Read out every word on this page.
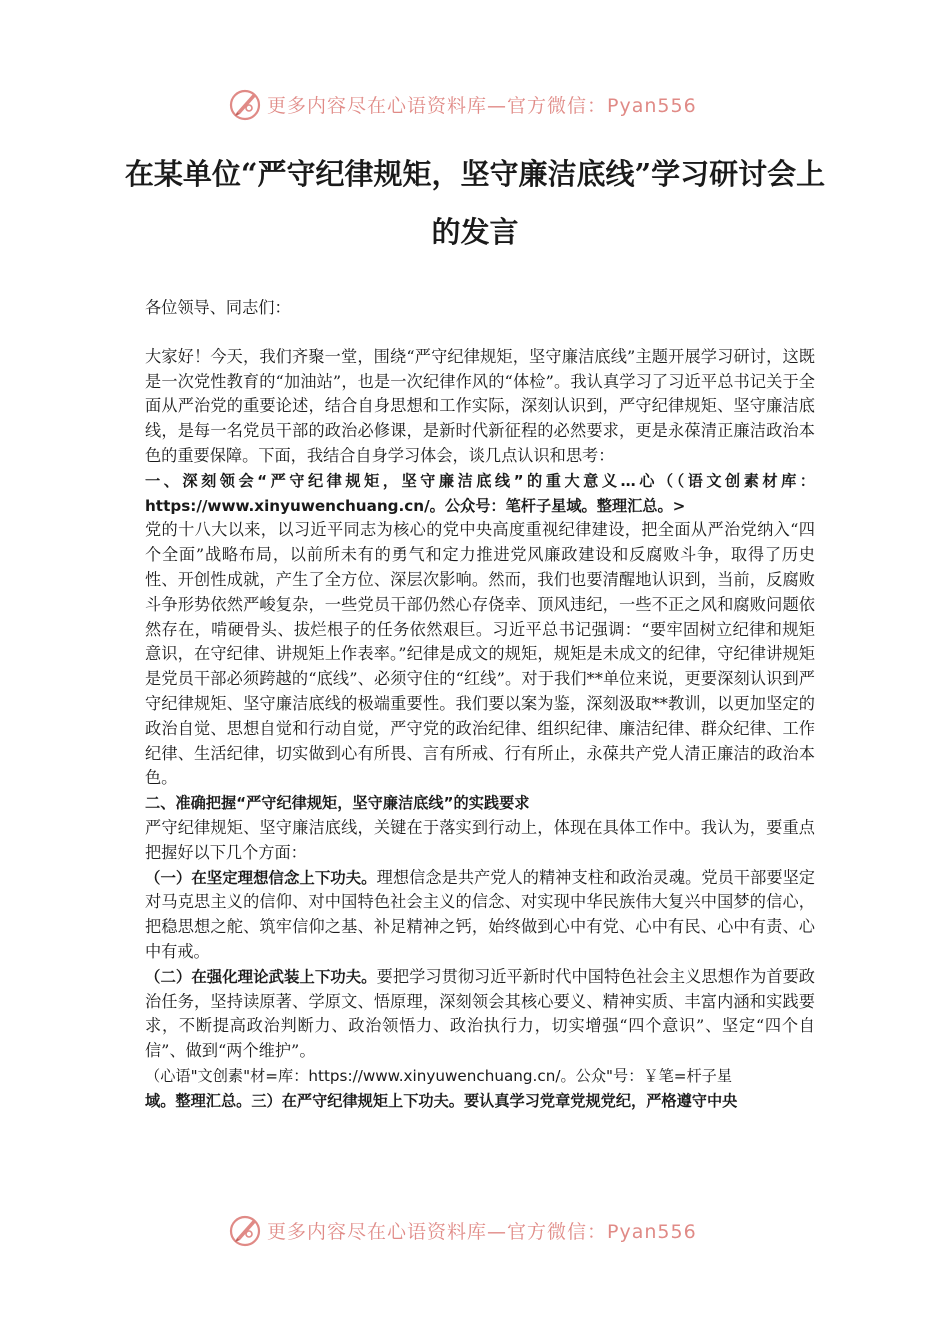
更多内容尽在心语资料库—官方微信：Pyan556
在某单位“严守纪律规矩，坚守廉洁底线”学习研讨会上的发言

各位领导、同志们：

大家好！今天，我们齐聚一堂，围绕“严守纪律规矩，坚守廉洁底线”主题开展学习研讨，这既是一次党性教育的“加油站”，也是一次纪律作风的“体检”。我认真学习了习近平总书记关于全面从严治党的重要论述，结合自身思想和工作实际，深刻认识到，严守纪律规矩、坚守廉洁底线，是每一名党员干部的政治必修课，是新时代新征程的必然要求，更是永葆清正廉洁政治本色的重要保障。下面，我结合自身学习体会，谈几点认识和思考：

一、深刻领会“严守纪律规矩，坚守廉洁底线”的重大意义…心（（语文创素材库：https://www.xinyuwenchuang.cn/。公众号：笔杆子星域。整理汇总。>

党的十八大以来，以习近平同志为核心的党中央高度重视纪律建设，把全面从严治党纳入“四个全面”战略布局，以前所未有的勇气和定力推进党风廉政建设和反腐败斗争，取得了历史性、开创性成就，产生了全方位、深层次影响。然而，我们也要清醒地认识到，当前，反腐败斗争形势依然严峻复杂，一些党员干部仍然心存侥幸、顶风违纪，一些不正之风和腐败问题依然存在，啃硬骨头、拔烂根子的任务依然艰巨。习近平总书记强调：“要牢固树立纪律和规矩意识，在守纪律、讲规矩上作表率。”纪律是成文的规矩，规矩是未成文的纪律，守纪律讲规矩是党员干部必须跨越的“底线”、必须守住的“红线”。对于我们**单位来说，更要深刻认识到严守纪律规矩、坚守廉洁底线的极端重要性。我们要以案为鉴，深刻汲取**教训，以更加坚定的政治自觉、思想自觉和行动自觉，严守党的政治纪律、组织纪律、廉洁纪律、群众纪律、工作纪律、生活纪律，切实做到心有所畏、言有所戒、行有所止，永葆共产党人清正廉洁的政治本色。

二、准确把握“严守纪律规矩，坚守廉洁底线”的实践要求

严守纪律规矩、坚守廉洁底线，关键在于落实到行动上，体现在具体工作中。我认为，要重点把握好以下几个方面：

（一）在坚定理想信念上下功夫。理想信念是共产党人的精神支柱和政治灵魂。党员干部要坚定对马克思主义的信仰、对中国特色社会主义的信念、对实现中华民族伟大复兴中国梦的信心，把稳思想之舵、筑牢信仰之基、补足精神之钙，始终做到心中有党、心中有民、心中有责、心中有戒。

（二）在强化理论武装上下功夫。要把学习贯彻习近平新时代中国特色社会主义思想作为首要政治任务，坚持读原著、学原文、悟原理，深刻领会其核心要义、精神实质、丰富内涵和实践要求，不断提高政治判断力、政治领悟力、政治执行力，切实增强“四个意识”、坚定“四个自信”、做到“两个维护”。

（心语"文创素"材=库：https://www.xinyuwenchuang.cn/。公众"号：￥笔=杆子星

域。整理汇总。三）在严守纪律规矩上下功夫。要认真学习党章党规党纪，严格遵守中央

更多内容尽在心语资料库—官方微信：Pyan556
